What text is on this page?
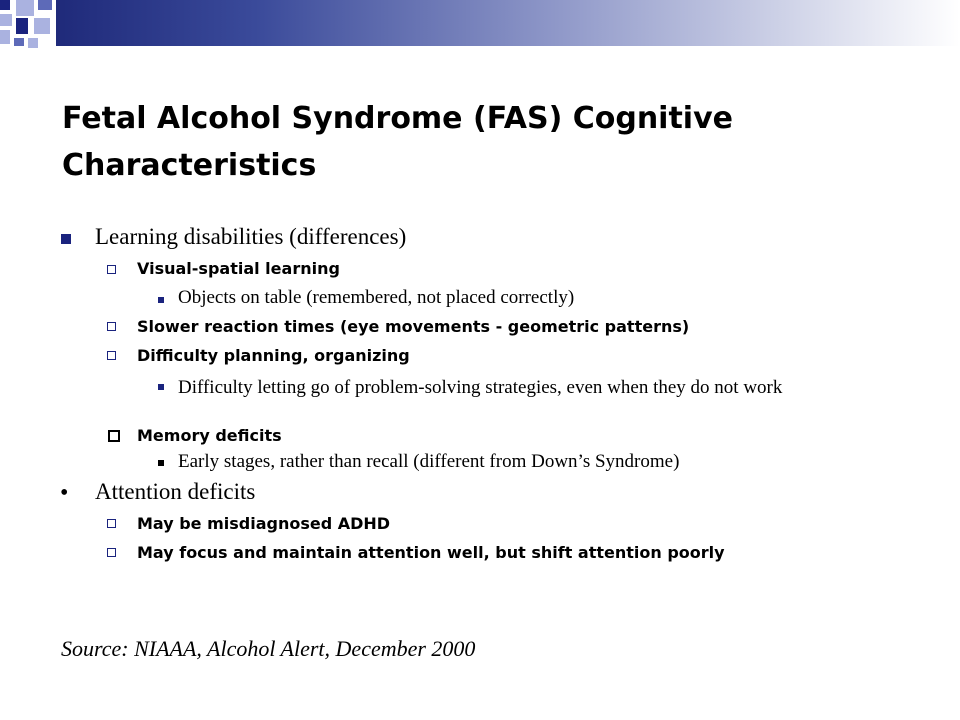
Fetal Alcohol Syndrome (FAS) Cognitive Characteristics
Learning disabilities (differences)
Visual-spatial learning
Objects on table (remembered, not placed correctly)
Slower reaction times (eye movements - geometric patterns)
Difficulty planning, organizing
Difficulty letting go of problem-solving strategies, even when they do not work
Memory deficits
Early stages, rather than recall (different from Down’s Syndrome)
• Attention deficits
May be misdiagnosed ADHD
May focus and maintain attention well, but shift attention poorly
Source: NIAAA, Alcohol Alert, December 2000
